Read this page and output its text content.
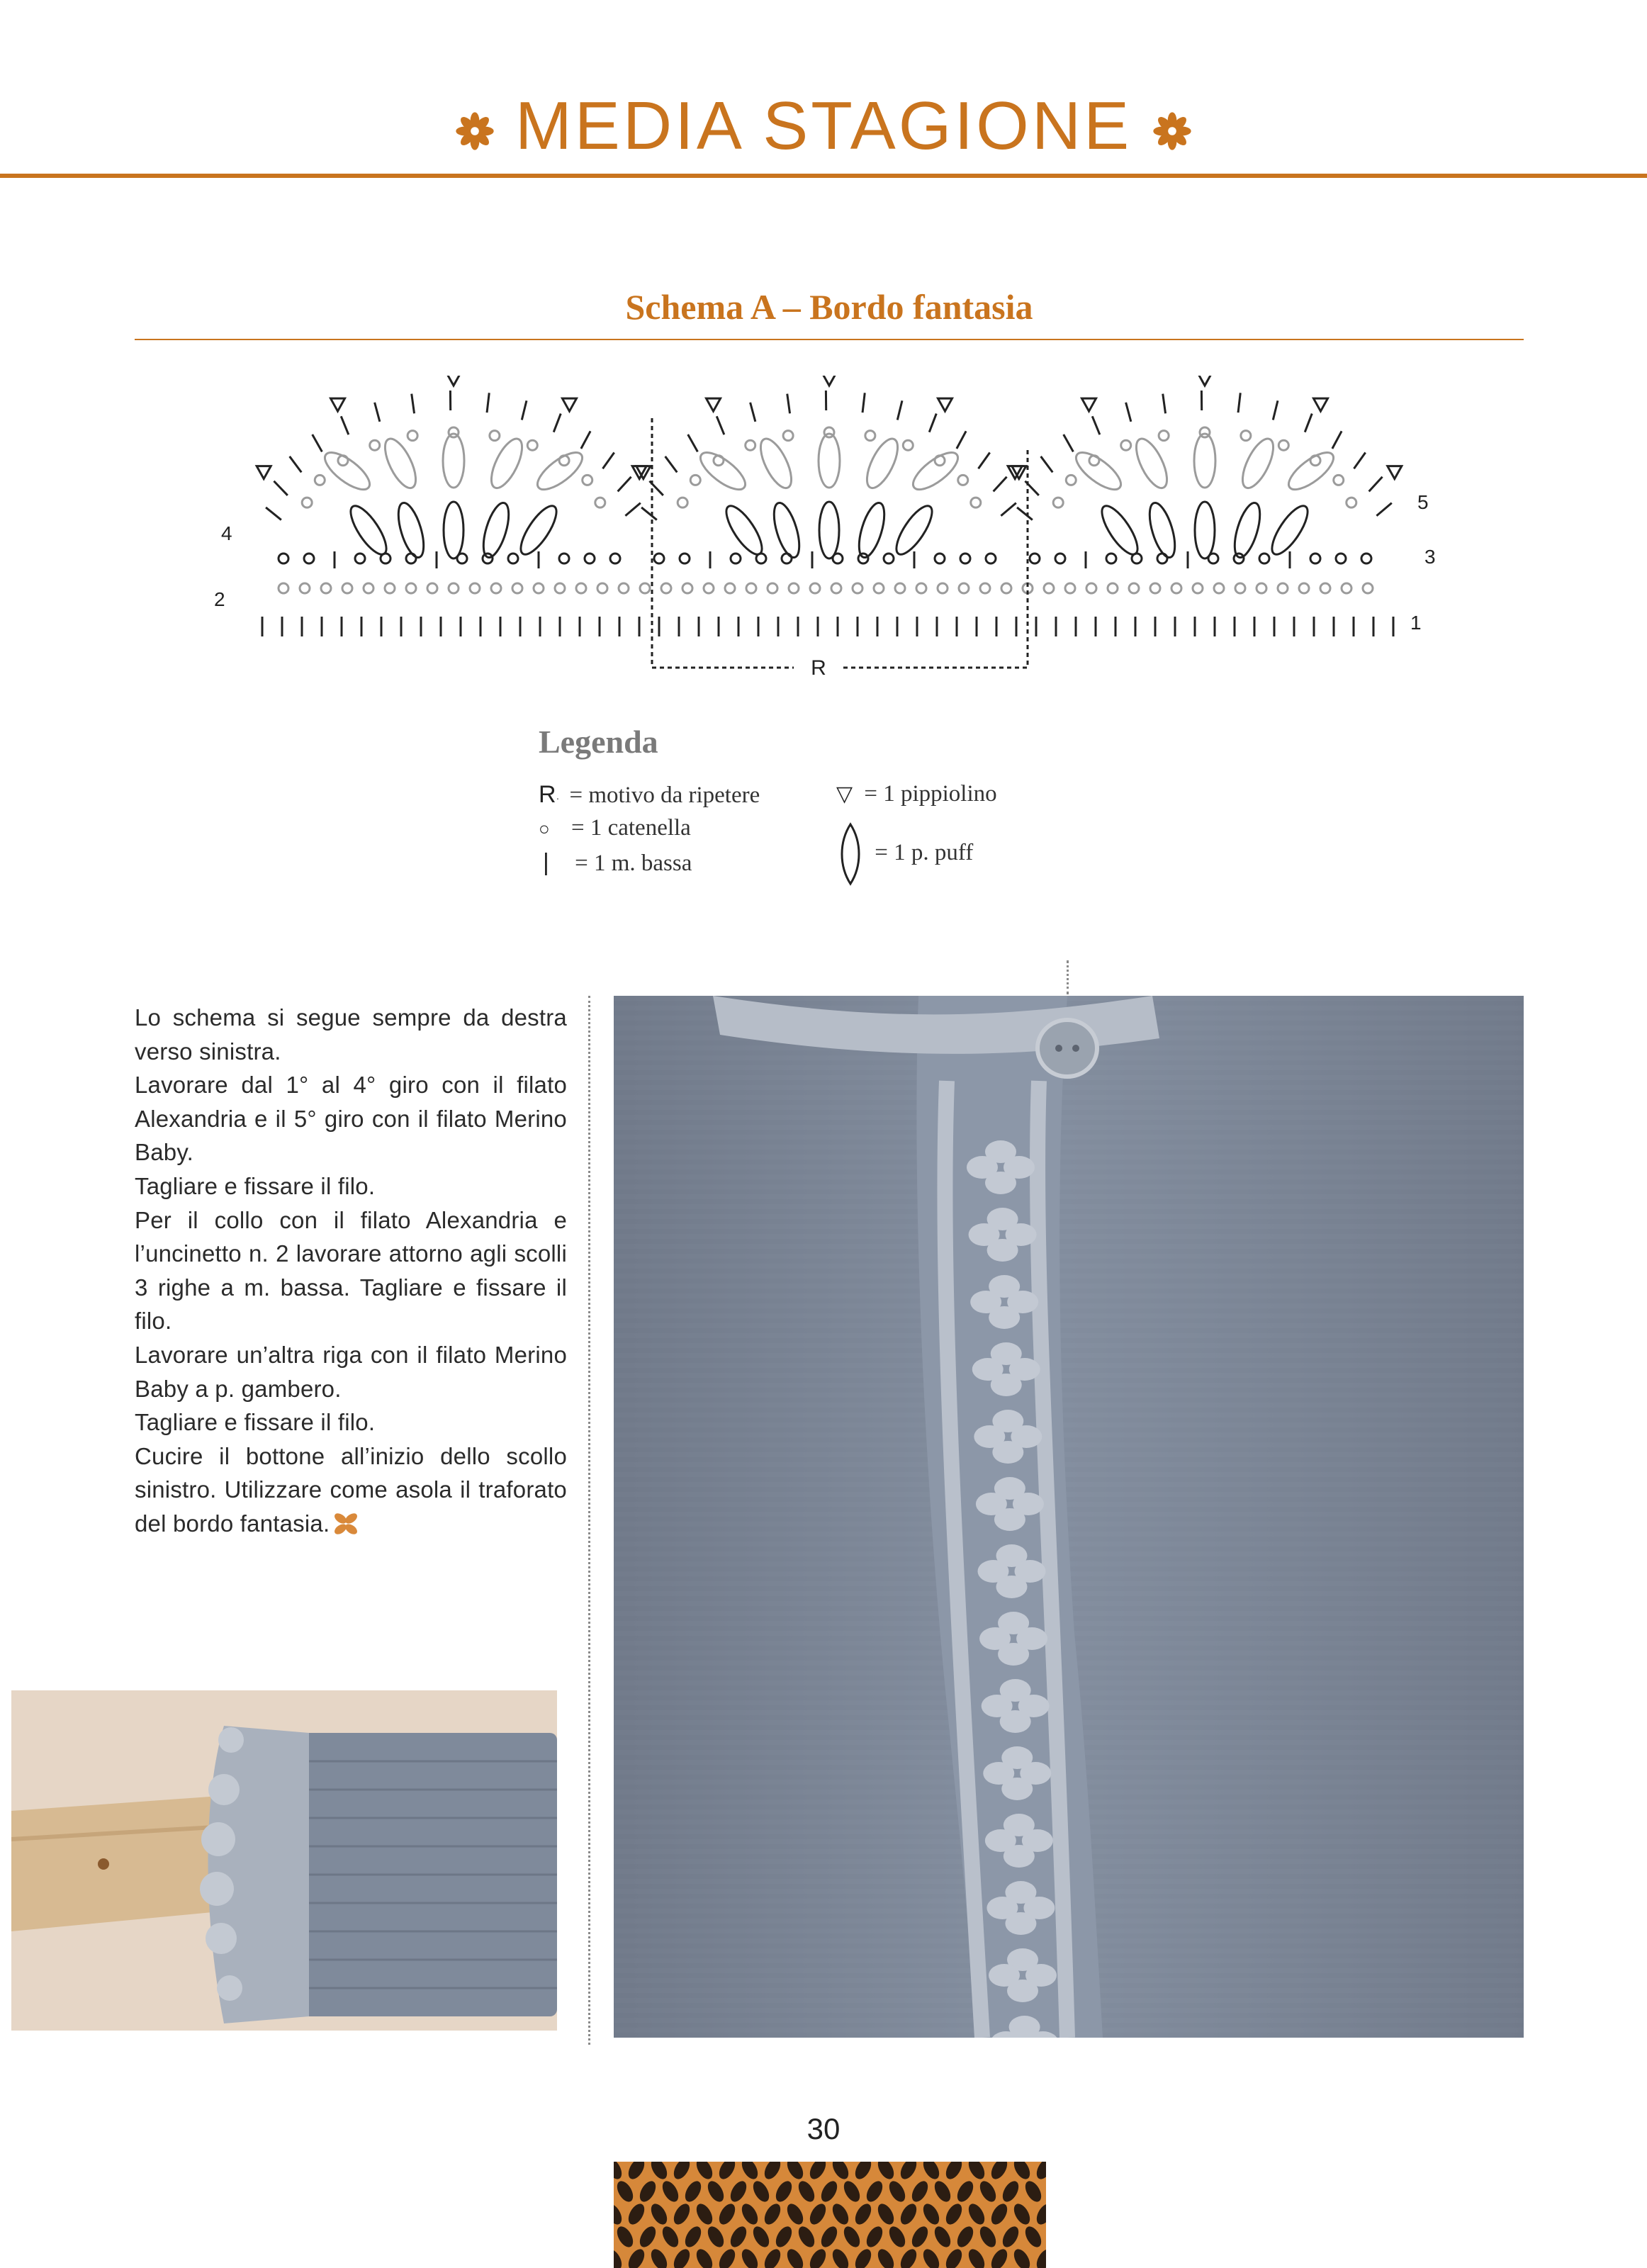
MEDIA STAGIONE
Schema A – Bordo fantasia
1
2
3
4
5
R
Legenda
R· = motivo da ripetere
○ = 1 catenella
| = 1 m. bassa
▽ = 1 pippiolino
= 1 p. puff

Lo schema si segue sempre da destra verso sinistra.

Lavorare dal 1° al 4° giro con il filato Alexandria e il 5° giro con il filato Merino Baby.

Tagliare e fissare il filo.

Per il collo con il filato Alexandria e l’uncinetto n. 2 lavorare attorno agli scolli 3 righe a m. bassa. Tagliare e fissare il filo.

Lavorare un’altra riga con il filato Merino Baby a p. gambero.

Tagliare e fissare il filo.

Cucire il bottone all’inizio dello scollo sinistro. Utilizzare come asola il traforato del bordo fantasia.

30
